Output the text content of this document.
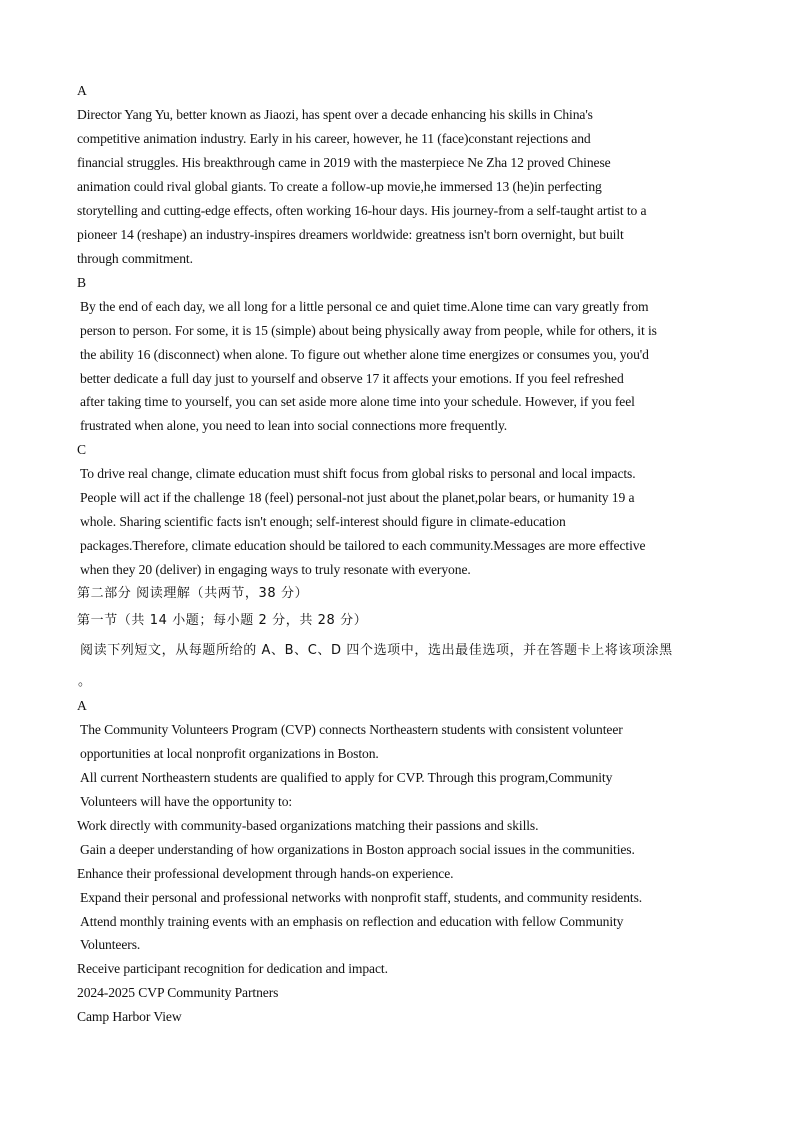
A
Director Yang Yu, better known as Jiaozi, has spent over a decade enhancing his skills in China's
competitive animation industry. Early in his career, however, he 11 (face)constant rejections and
financial struggles. His breakthrough came in 2019 with the masterpiece Ne Zha 12 proved Chinese
animation could rival global giants. To create a follow-up movie,he immersed 13 (he)in perfecting
storytelling and cutting-edge effects, often working 16-hour days. His journey-from a self-taught artist to a
pioneer 14 (reshape) an industry-inspires dreamers worldwide: greatness isn't born overnight, but built
through commitment.
B
By the end of each day, we all long for a little personal ce and quiet time.Alone time can vary greatly from
person to person. For some, it is 15 (simple) about being physically away from people, while for others, it is
the ability 16 (disconnect) when alone. To figure out whether alone time energizes or consumes you, you'd
better dedicate a full day just to yourself and observe 17 it affects your emotions. If you feel refreshed
after taking time to yourself, you can set aside more alone time into your schedule. However, if you feel
frustrated when alone, you need to lean into social connections more frequently.
C
To drive real change, climate education must shift focus from global risks to personal and local impacts.
People will act if the challenge 18 (feel) personal-not just about the planet,polar bears, or humanity 19 a
whole. Sharing scientific facts isn't enough; self-interest should figure in climate-education
packages.Therefore, climate education should be tailored to each community.Messages are more effective
when they 20 (deliver) in engaging ways to truly resonate with everyone.
第二部分 阅读理解（共两节，38 分）
第一节（共 14 小题；每小题 2 分，共 28 分）
阅读下列短文，从每题所给的 A、B、C、D 四个选项中，选出最佳选项，并在答题卡上将该项涂黑
。
A
The Community Volunteers Program (CVP) connects Northeastern students with consistent volunteer
opportunities at local nonprofit organizations in Boston.
All current Northeastern students are qualified to apply for CVP. Through this program,Community
Volunteers will have the opportunity to:
Work directly with community-based organizations matching their passions and skills.
Gain a deeper understanding of how organizations in Boston approach social issues in the communities.
Enhance their professional development through hands-on experience.
Expand their personal and professional networks with nonprofit staff, students, and community residents.
Attend monthly training events with an emphasis on reflection and education with fellow Community
Volunteers.
Receive participant recognition for dedication and impact.
2024-2025 CVP Community Partners
Camp Harbor View
